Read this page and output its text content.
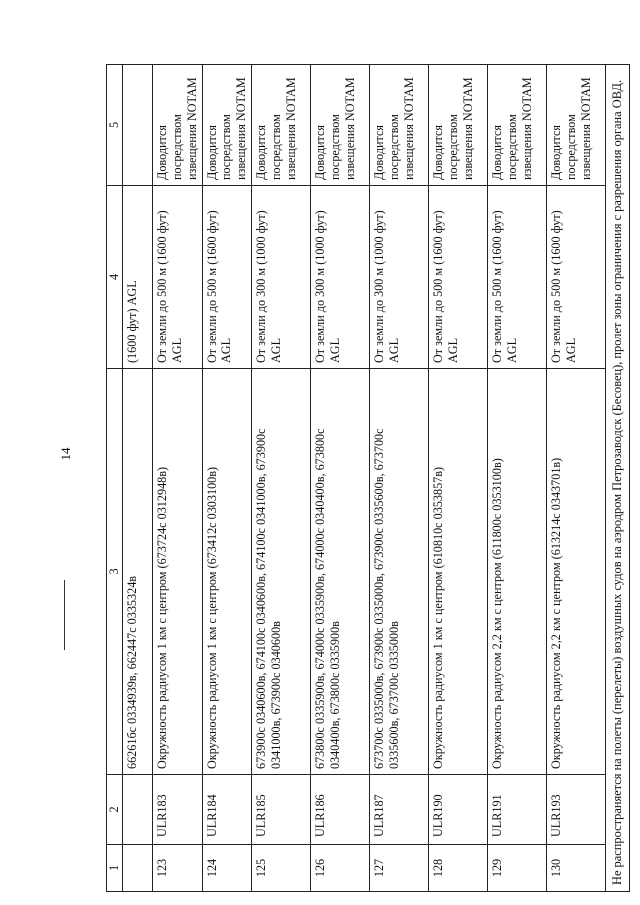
14
1	2	3	4	5
		66261бс 0334939в, 662447с 0335324в	(1600 фут) AGL	
123	ULR183	Окружность радиусом 1 км с центром (673724с 0312948в)	От земли до 500 м (1600 фут) AGL	Доводится посредством извещения NOTAM
124	ULR184	Окружность радиусом 1 км с центром (673412с 0303100в)	От земли до 500 м (1600 фут) AGL	Доводится посредством извещения NOTAM
125	ULR185	673900с 0340600в, 674100с 0340600в, 674100с 0341000в, 673900с 0341000в, 673900с 0340600в	От земли до 300 м (1000 фут) AGL	Доводится посредством извещения NOTAM
126	ULR186	673800с 0335900в, 674000с 0335900в, 674000с 0340400в, 673800с 0340400в, 673800с 0335900в	От земли до 300 м (1000 фут) AGL	Доводится посредством извещения NOTAM
127	ULR187	673700с 0335000в, 673900с 0335000в, 673900с 0335600в, 673700с 0335600в, 673700с 0335000в	От земли до 300 м (1000 фут) AGL	Доводится посредством извещения NOTAM
128	ULR190	Окружность радиусом 1 км с центром (610810с 0353857в)	От земли до 500 м (1600 фут) AGL	Доводится посредством извещения NOTAM
129	ULR191	Окружность радиусом 2,2 км с центром (611800с 0353100в)	От земли до 500 м (1600 фут) AGL	Доводится посредством извещения NOTAM
130	ULR193	Окружность радиусом 2,2 км с центром (613214с 0343701в)	От земли до 500 м (1600 фут) AGL	Доводится посредством извещения NOTAM
Не распространяется на полеты (перелеты) воздушных судов на аэродром Петрозаводск (Бесовец), пролет зоны ограничения с разрешения органа ОВД.				
